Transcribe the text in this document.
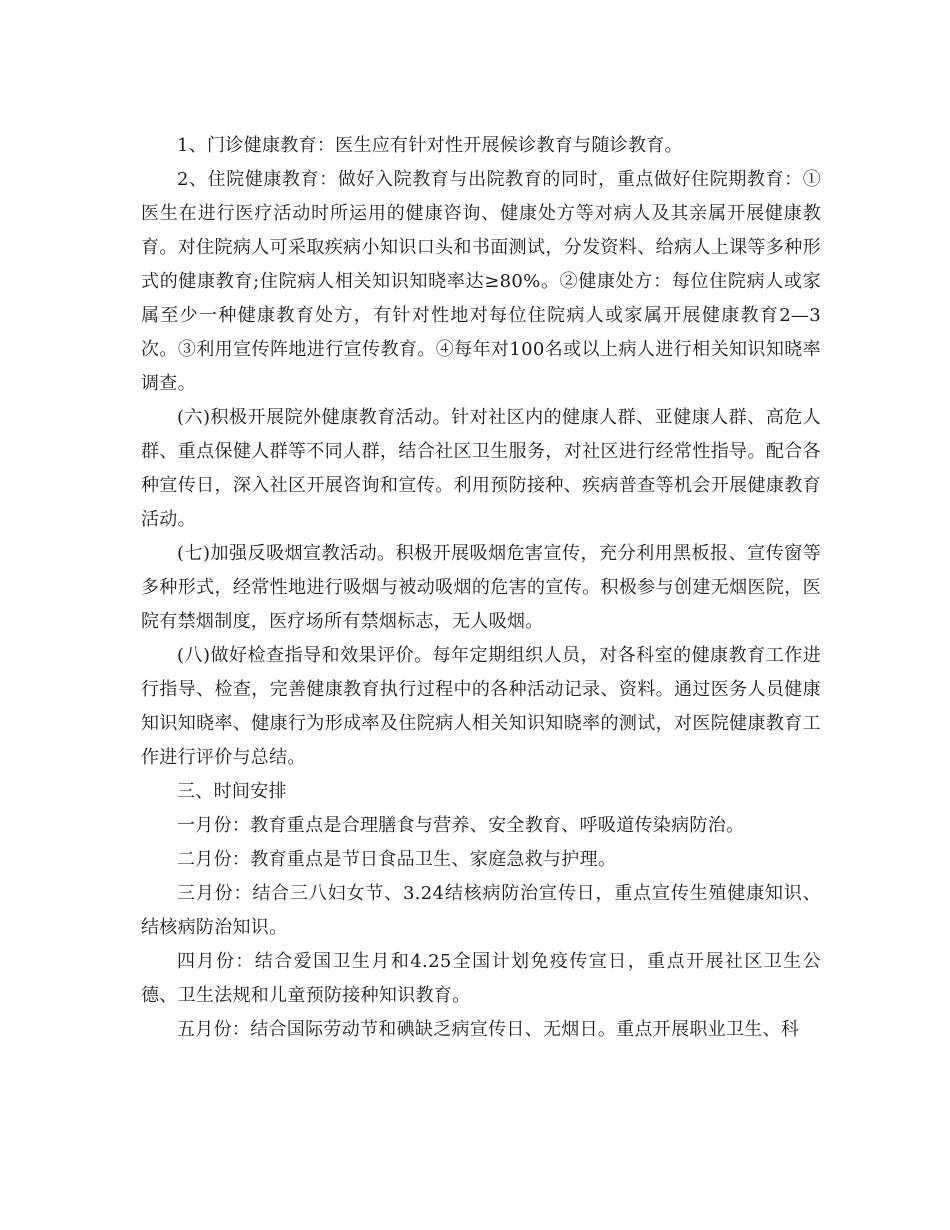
1、门诊健康教育：医生应有针对性开展候诊教育与随诊教育。

2、住院健康教育：做好入院教育与出院教育的同时，重点做好住院期教育：①医生在进行医疗活动时所运用的健康咨询、健康处方等对病人及其亲属开展健康教育。对住院病人可采取疾病小知识口头和书面测试，分发资料、给病人上课等多种形式的健康教育;住院病人相关知识知晓率达≥80%。②健康处方：每位住院病人或家属至少一种健康教育处方，有针对性地对每位住院病人或家属开展健康教育2—3次。③利用宣传阵地进行宣传教育。④每年对100名或以上病人进行相关知识知晓率调查。

(六)积极开展院外健康教育活动。针对社区内的健康人群、亚健康人群、高危人群、重点保健人群等不同人群，结合社区卫生服务，对社区进行经常性指导。配合各种宣传日，深入社区开展咨询和宣传。利用预防接种、疾病普查等机会开展健康教育活动。

(七)加强反吸烟宣教活动。积极开展吸烟危害宣传，充分利用黑板报、宣传窗等多种形式，经常性地进行吸烟与被动吸烟的危害的宣传。积极参与创建无烟医院，医院有禁烟制度，医疗场所有禁烟标志，无人吸烟。

(八)做好检查指导和效果评价。每年定期组织人员，对各科室的健康教育工作进行指导、检查，完善健康教育执行过程中的各种活动记录、资料。通过医务人员健康知识知晓率、健康行为形成率及住院病人相关知识知晓率的测试，对医院健康教育工作进行评价与总结。

三、时间安排

一月份：教育重点是合理膳食与营养、安全教育、呼吸道传染病防治。

二月份：教育重点是节日食品卫生、家庭急救与护理。

三月份：结合三八妇女节、3.24结核病防治宣传日，重点宣传生殖健康知识、结核病防治知识。

四月份：结合爱国卫生月和4.25全国计划免疫传宣日，重点开展社区卫生公德、卫生法规和儿童预防接种知识教育。

五月份：结合国际劳动节和碘缺乏病宣传日、无烟日。重点开展职业卫生、科
